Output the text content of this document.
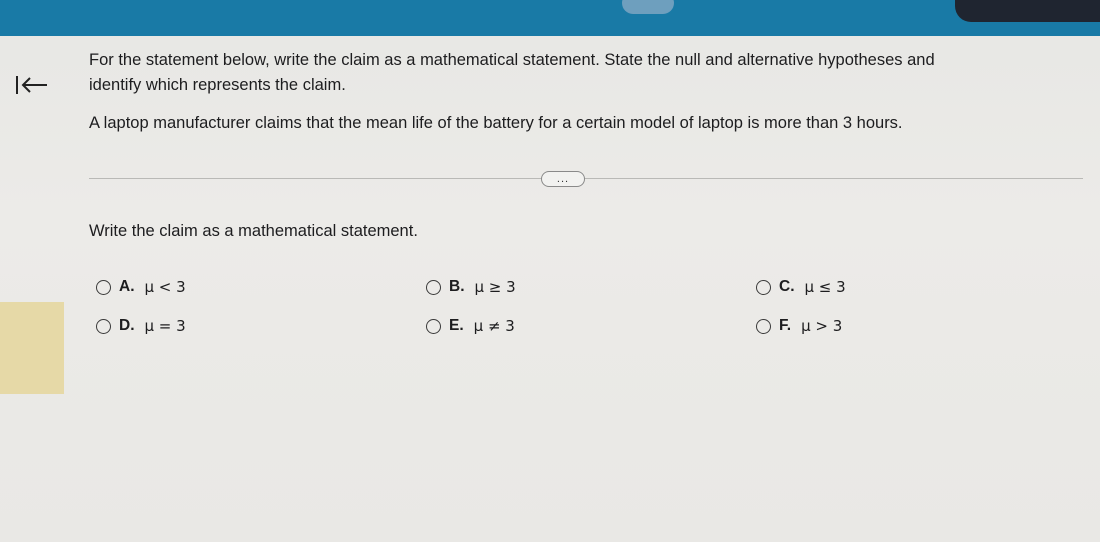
For the statement below, write the claim as a mathematical statement. State the null and alternative hypotheses and
identify which represents the claim.
A laptop manufacturer claims that the mean life of the battery for a certain model of laptop is more than 3 hours.
...
Write the claim as a mathematical statement.
A. μ < 3	B. μ ≥ 3	C. μ ≤ 3
D. μ = 3	E. μ ≠ 3	F. μ > 3
